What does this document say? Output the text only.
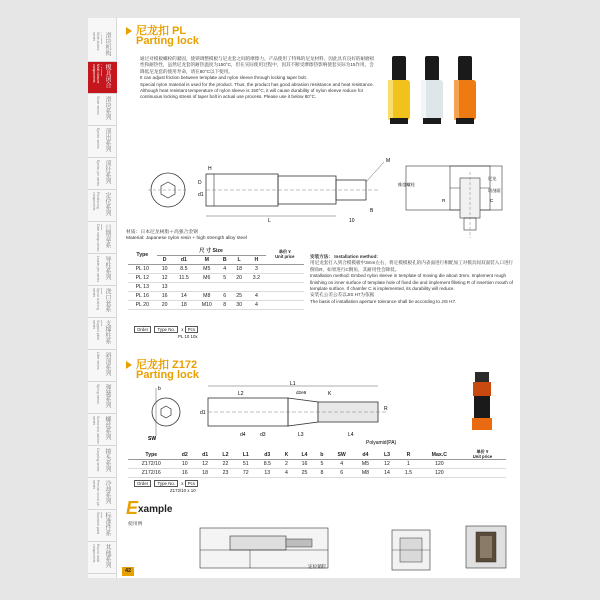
Slide-sliders series	滑块机构
Mold closure components	模具闭合
Slider series 滑块系列
Ejector series 顶出系列
Ejector pin series 顶针系列
Positioning components	定位系列
Date stamp series 日期章系
Leader pin series 导柱系列
Sprue bushing series	浇口套系
Support pillar series	支撑柱系
Lifter series 斜顶系列
Spring series 弹簧系列
Screw and washer series	螺丝系列
Coupling series 接头系列
Precise round pin series	冷却系列
Standard parts 标准件系
Round mold components	其他系列
尼龙扣 PL
Parting lock

通过对模板螺栓的紧固，使锁调整模板与尼龙套之间的摩擦力。产品使用了特殊的尼龙材料，因此具有良好的耐磨损性和耐热性，虽然尼龙套的耐热温度为150°C，但在实际使用过程中，因其不断受摩擦热影响使套实际为15作用，会降低尼龙套的使用寿命，请在80°C以下使用。

It can adjust friction between template and nylon sleeve through locking taper bolt.

Special nylon material is used for the product. Thus, the product has good abrasion resistance and heat resistance. Although heat resistant temperature of nylon sleeve is 150°C, it will cause durability of nylon sleeve reduce for continuous locking stress of taper bolt in actual use process. Please use it below 80°C.

M
D
d1
H
B
L	10
锥度螺栓
尼龙
R	C
切剖面
材质：日本尼龙树脂＋高强合金钢
Material: Japanese nylon resin + high strength alloy steel
Type	尺 寸 Size						单价 ¥
Unit price
	D	d1	M	B	L	H	
PL 10	10	8.5	M5	4	18	3	
PL 12	12	11.5	M6	5	20	3.2	
PL 13	13						
PL 16	16	14	M8	6	25	4	
PL 20	20	18	M10	8	30	4	
Order Type No. x Pcs
PL 10 10x

安装方法： Installation method:

用尼龙套打入到合模模板中3mm左右，将定模模板孔的内表面进行相配加工对模具间双面装入口进行倒角R，如果进行C倒角，其耐用性会降低。

Installation method: Embed nylon sleeve in template of moving die about 3mm. Implement rough finishing on inner surface of template hole of fixed die and implement filleting R of insertion mouth of template surface. If chamfer C is implemented, its durability will reduce.

安装孔公差公差以JIS H7为依据

The basis of installation aperture tolerance shall be according to JIS H7.

尼龙扣 Z172
Parting lock
b
SW
L1
L2	K
d2e9
d1
d4	d3	L3	L4
R
Polyamid(PA)
Type	d2	d1	L2	L1	d3	K	L4	b	SW	d4	L3	R	Max.C	单价 ¥
Unit price
Z172/10	10	12	22	51	8.5	2	16	5	4	M5	12	1	120	
Z172/16	16	18	23	72	13	4	25	8	6	M8	14	1.5	120	
Order Type No. x Pcs
Z172/10 x 10
E xample
使用例
定位销钉
42
